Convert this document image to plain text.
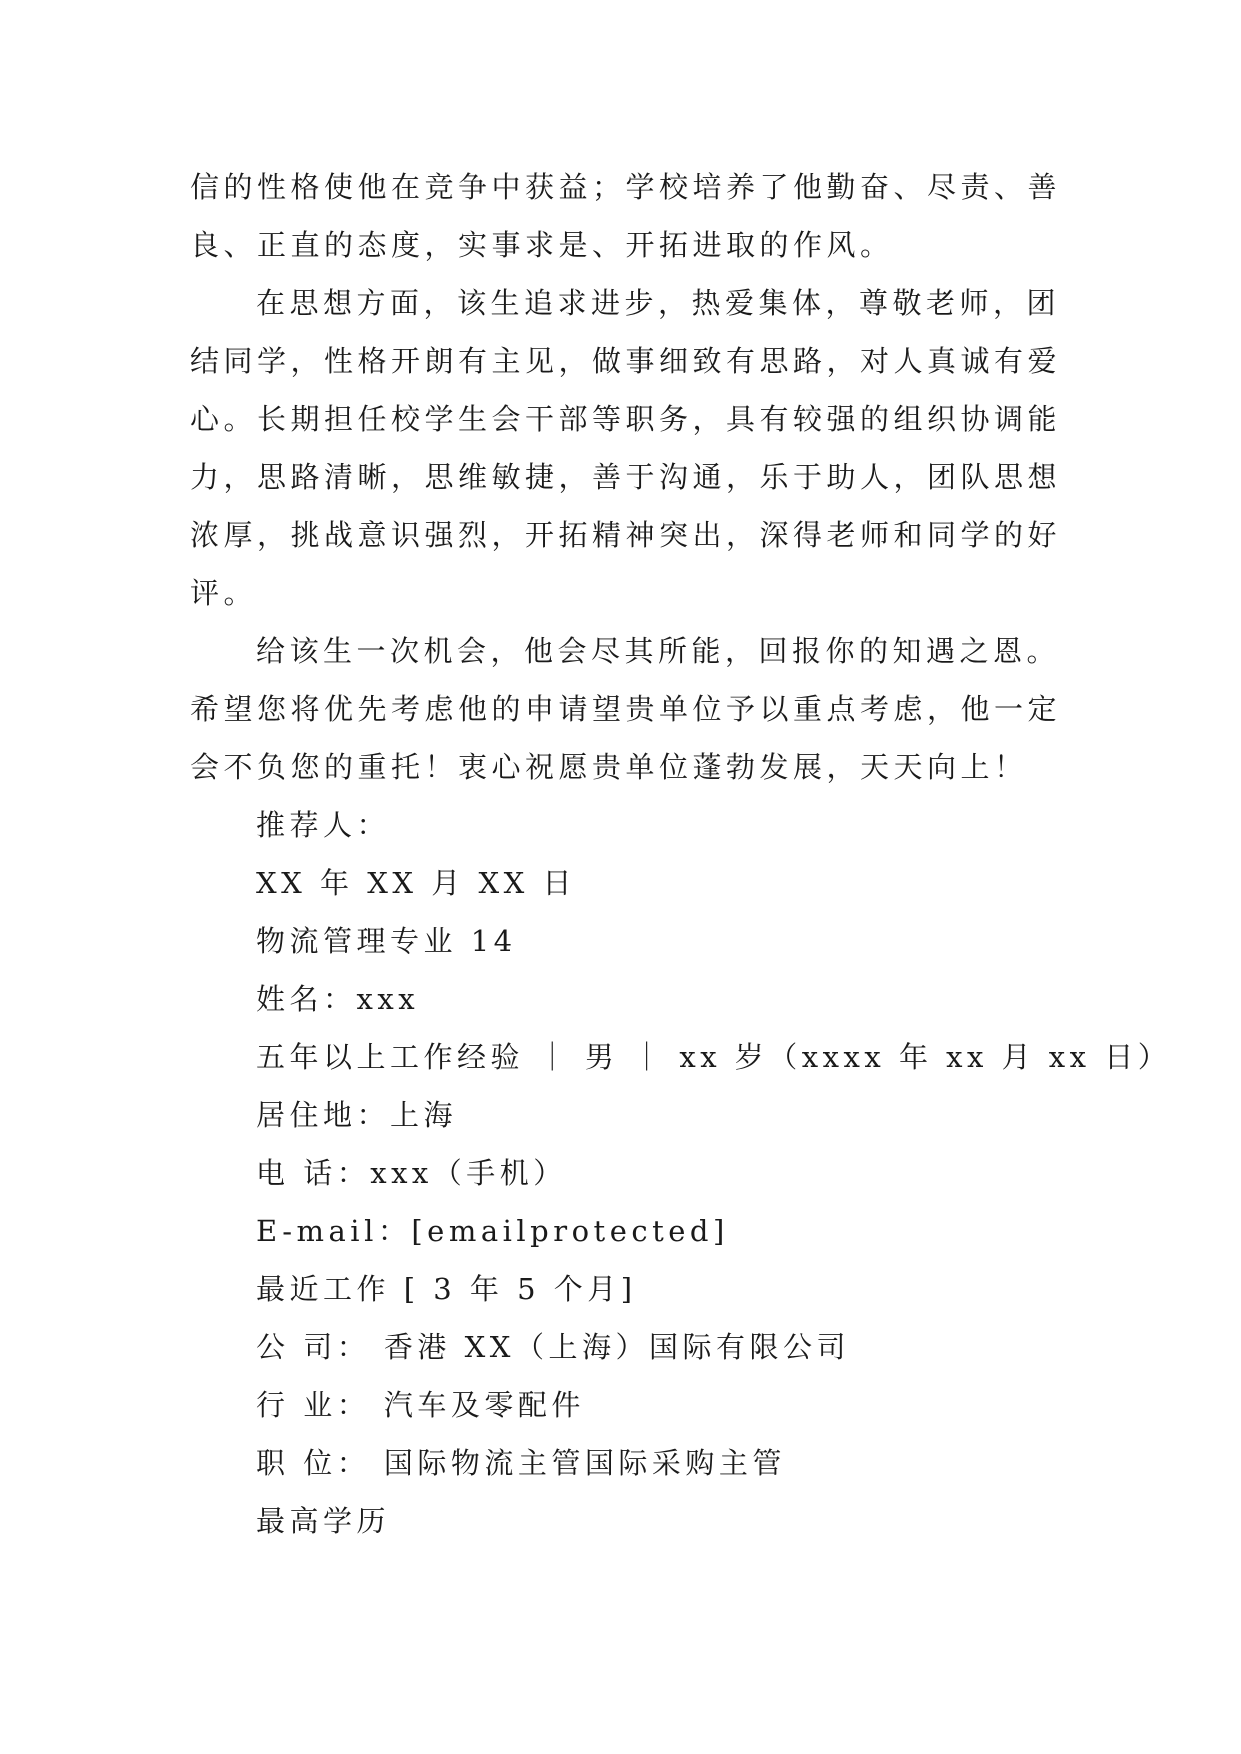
信的性格使他在竞争中获益；学校培养了他勤奋、尽责、善
良、正直的态度，实事求是、开拓进取的作风。
在思想方面，该生追求进步，热爱集体，尊敬老师，团
结同学，性格开朗有主见，做事细致有思路，对人真诚有爱
心。长期担任校学生会干部等职务，具有较强的组织协调能
力，思路清晰，思维敏捷，善于沟通，乐于助人，团队思想
浓厚，挑战意识强烈，开拓精神突出，深得老师和同学的好
评。
给该生一次机会，他会尽其所能，回报你的知遇之恩。
希望您将优先考虑他的申请望贵单位予以重点考虑，他一定
会不负您的重托！衷心祝愿贵单位蓬勃发展，天天向上！
推荐人：
XX 年 XX 月 XX 日
物流管理专业 14
姓名：xxx
五年以上工作经验 ｜ 男 ｜ xx 岁（xxxx 年 xx 月 xx 日）
居住地：上海
电 话：xxx（手机）
E-mail：[emailprotected]
最近工作 [ 3 年 5 个月]
公 司： 香港 XX（上海）国际有限公司
行 业： 汽车及零配件
职 位： 国际物流主管国际采购主管
最高学历
